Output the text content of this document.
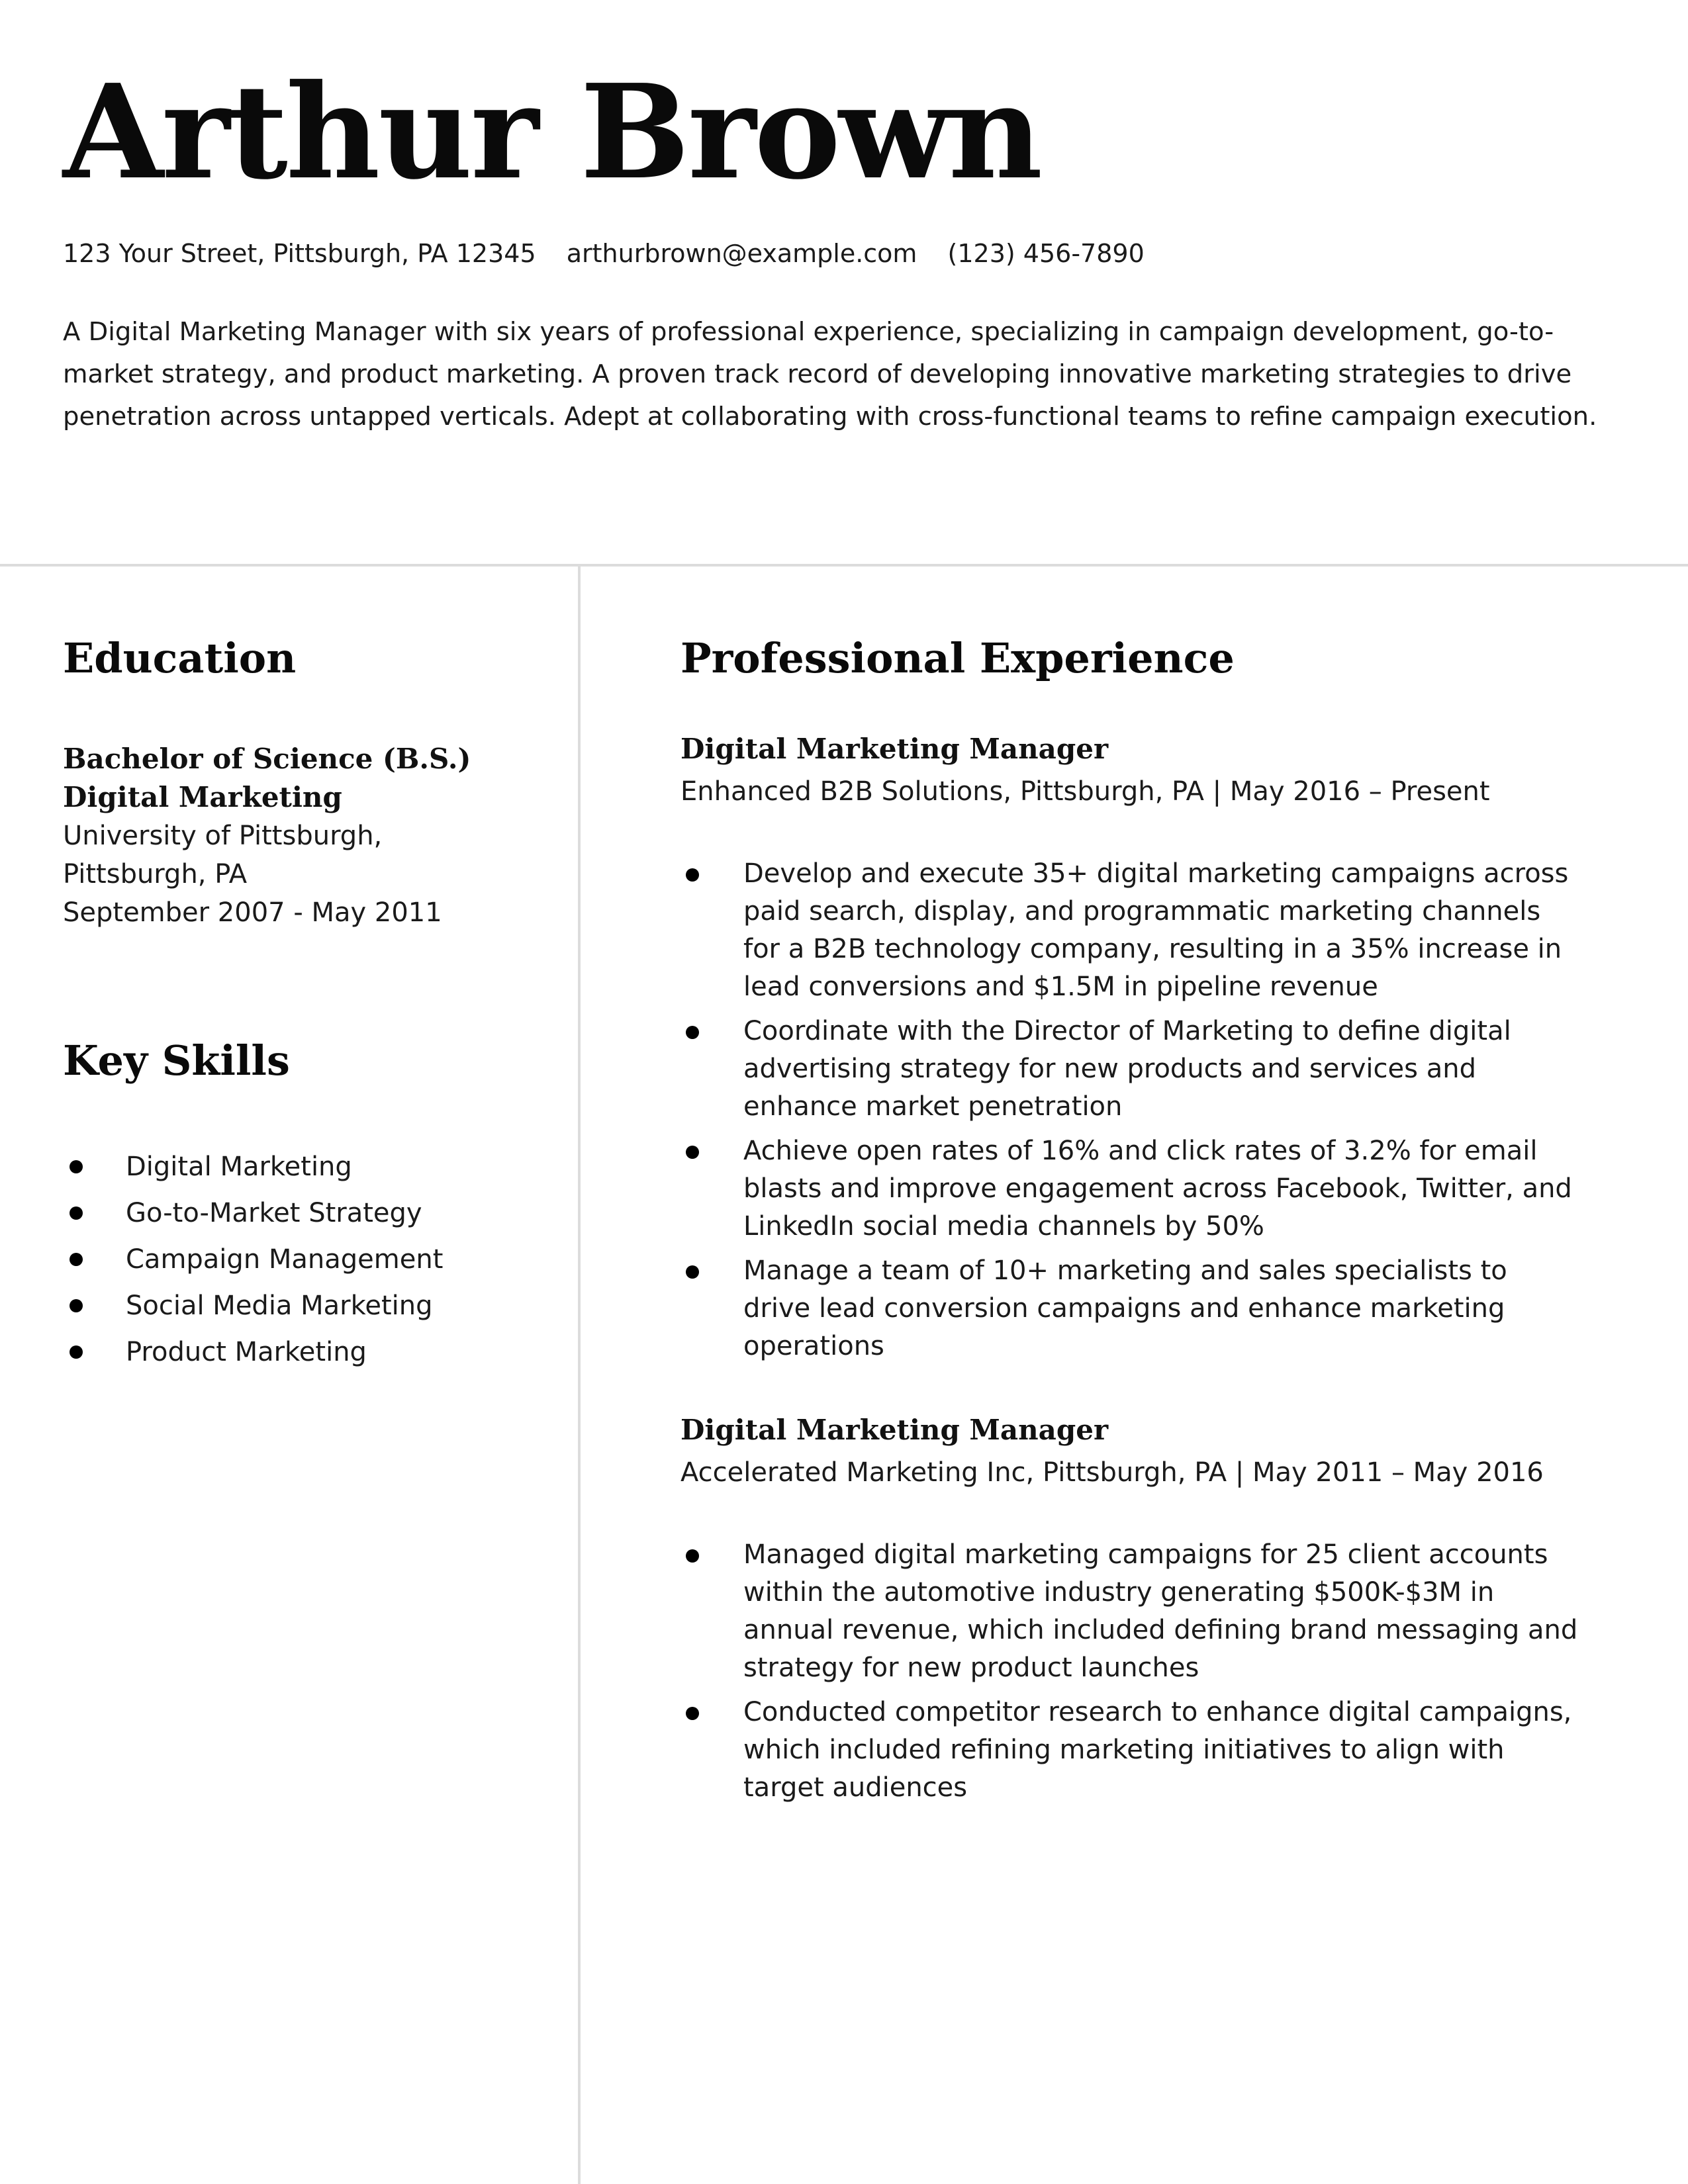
Arthur Brown
123 Your Street, Pittsburgh, PA 12345 arthurbrown@example.com (123) 456-7890

A Digital Marketing Manager with six years of professional experience, specializing in campaign development, go-to-market strategy, and product marketing. A proven track record of developing innovative marketing strategies to drive penetration across untapped verticals. Adept at collaborating with cross-functional teams to refine campaign execution.

Education
Bachelor of Science (B.S.)
Digital Marketing
University of Pittsburgh,
Pittsburgh, PA
September 2007 - May 2011
Key Skills
Digital Marketing
Go-to-Market Strategy
Campaign Management
Social Media Marketing
Product Marketing
Professional Experience
Digital Marketing Manager
Enhanced B2B Solutions, Pittsburgh, PA | May 2016 – Present
Develop and execute 35+ digital marketing campaigns across paid search, display, and programmatic marketing channels for a B2B technology company, resulting in a 35% increase in lead conversions and $1.5M in pipeline revenue
Coordinate with the Director of Marketing to define digital advertising strategy for new products and services and enhance market penetration
Achieve open rates of 16% and click rates of 3.2% for email blasts and improve engagement across Facebook, Twitter, and LinkedIn social media channels by 50%
Manage a team of 10+ marketing and sales specialists to drive lead conversion campaigns and enhance marketing operations
Digital Marketing Manager
Accelerated Marketing Inc, Pittsburgh, PA | May 2011 – May 2016
Managed digital marketing campaigns for 25 client accounts within the automotive industry generating $500K-$3M in annual revenue, which included defining brand messaging and strategy for new product launches
Conducted competitor research to enhance digital campaigns, which included refining marketing initiatives to align with target audiences
